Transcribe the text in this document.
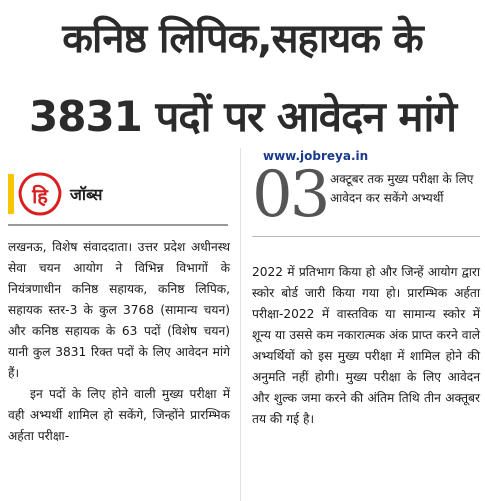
कनिष्ठ लिपिक,सहायक के
3831 पदों पर आवेदन मांगे
www.jobreya.in
हि जॉब्स 03 अक्टूबर तक मुख्य परीक्षा के लिए आवेदन कर सकेंगे अभ्यर्थी

लखनऊ, विशेष संवाददाता। उत्तर प्रदेश अधीनस्थ सेवा चयन आयोग ने विभिन्न विभागों के नियंत्रणाधीन कनिष्ठ सहायक, कनिष्ठ लिपिक, सहायक स्तर-3 के कुल 3768 (सामान्य चयन) और कनिष्ठ सहायक के 63 पदों (विशेष चयन) यानी कुल 3831 रिक्त पदों के लिए आवेदन मांगे हैं।

इन पदों के लिए होने वाली मुख्य परीक्षा में वही अभ्यर्थी शामिल हो सकेंगे, जिन्होंने प्रारम्भिक अर्हता परीक्षा-

2022 में प्रतिभाग किया हो और जिन्हें आयोग द्वारा स्कोर बोर्ड जारी किया गया हो। प्रारम्भिक अर्हता परीक्षा-2022 में वास्तविक या सामान्य स्कोर में शून्य या उससे कम नकारात्मक अंक प्राप्त करने वाले अभ्यर्थियों को इस मुख्य परीक्षा में शामिल होने की अनुमति नहीं होगी। मुख्य परीक्षा के लिए आवेदन और शुल्क जमा करने की अंतिम तिथि तीन अक्तूबर तय की गई है।
